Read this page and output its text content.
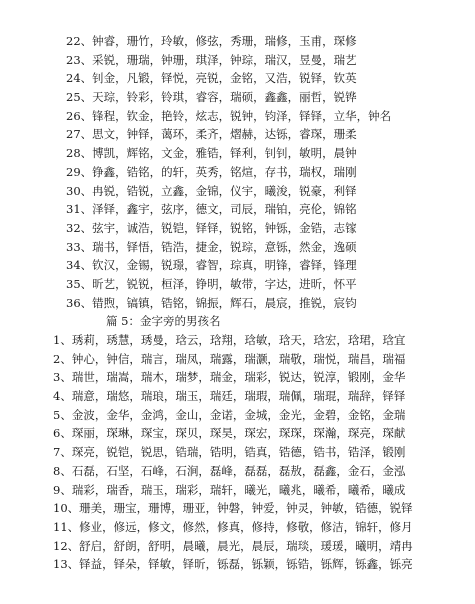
22、钟睿，珊竹，玲敏，修弦，秀珊，瑞修，玉甫，琛修
23、采锐，珊瑞，钟珊，琪泽，钟琮，瑞汉，昱曼，瑞艺
24、钊金，凡锻，铎悦，亮锐，金铭，又浩，锐铎，钦英
25、天琮，铃彩，铃琪，睿容，瑞硕，鑫鑫，丽哲，锐铧
26、锋程，钦金，艳铃，炫志，锐钟，钧泽，铎铎，立华，钟名
27、思文，钟铎，蔼环，柔齐，熠赫，达铄，睿琛，珊柔
28、博凯，辉铭，文金，雅锆，铎利，钊钊，敏明，晨钟
29、铮鑫，锆铭，的轩，英秀，铭煊，存书，瑞权，瑞刚
30、冉锐，锆锐，立鑫，金锦，仪宇，曦浚，锐豪，利铎
31、泽铎，鑫宇，弦序，德文，司辰，瑞铂，亮伦，锦铭
32、弦宇，诚浩，锐铠，铎铎，锐铭，钟铄，金锆，志镓
33、瑞书，铎悟，锆浩，捷金，锐琮，意铄，然金，逸硕
34、钦汉，金锡，锐璟，睿智，琮真，明锋，睿铎，锋理
35、昕艺，锐锐，桓泽，铮明，敏带，字达，进昕，怀平
36、错煦，镐镇，锆铭，锦振，辉石，晨宸，推锐，宸钧
篇 5：金字旁的男孩名
1、琇莉，琇慧，琇曼，琀云，琀翔，琀敏，琀天，琀宏，琀珺，琀宜
2、钟心，钟信，瑞言，瑞凤，瑞露，瑞灏，瑞敬，瑞悦，瑞昌，瑞福
3、瑞世，瑞嵩，瑞木，瑞梦，瑞金，瑞彩，锐达，锐淳，锻刚，金华
4、瑞意，瑞悠，瑞琅，瑞玉，瑞廷，瑞瑕，瑞佩，瑞琨，瑞辞，铎铎
5、金波，金华，金鸿，金山，金诺，金城，金光，金碧，金铭，金瑞
6、琛丽，琛琳，琛宝，琛贝，琛昊，琛宏，琛琛，琛瀚，琛亮，琛献
7、琛亮，锐铠，锐思，锆瑞，锆明，锆真，锆德，锆书，锆泽，锻刚
8、石磊，石坚，石峰，石涧，磊峰，磊磊，磊敖，磊鑫，金石，金泓
9、瑞彩，瑞香，瑞玉，瑞彩，瑞轩，曦光，曦兆，曦希，曦希，曦成
10、珊美，珊宝，珊博，珊亚，钟磐，钟爱，钟灵，钟敏，锆德，锐铎
11、修业，修远，修文，修然，修真，修持，修敬，修洁，锦轩，修月
12、舒启，舒朗，舒明，晨曦，晨光，晨辰，瑞琰，瑗瑗，曦明，靖冉
13、铎益，铎朵，铎敏，铎昕，铄磊，铄颖，铄锆，铄辉，铄鑫，铄亮
